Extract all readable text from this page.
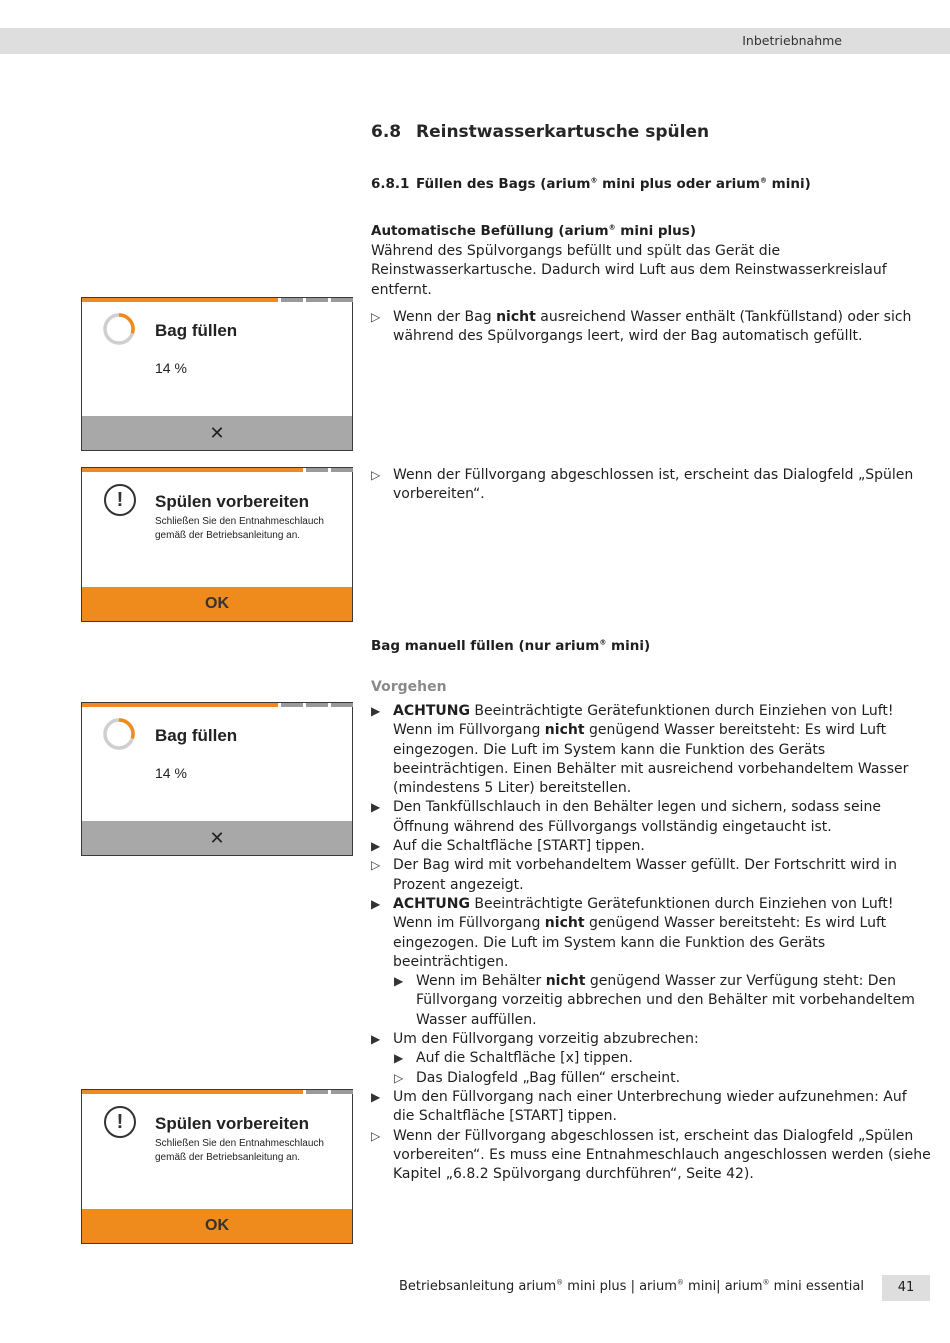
Inbetriebnahme
6.8 Reinstwasserkartusche spülen
6.8.1 Füllen des Bags (arium® mini plus oder arium® mini)
Automatische Befüllung (arium® mini plus)
Während des Spülvorgangs befüllt und spült das Gerät die Reinstwasserkartusche. Dadurch wird Luft aus dem Reinstwasserkreislauf entfernt.
▷ Wenn der Bag nicht ausreichend Wasser enthält (Tankfüllstand) oder sich während des Spülvorgangs leert, wird der Bag automatisch gefüllt.
▷ Wenn der Füllvorgang abgeschlossen ist, erscheint das Dialogfeld „Spülen vorbereiten“.
Bag manuell füllen (nur arium® mini)
Vorgehen
▶ ACHTUNG Beeinträchtigte Gerätefunktionen durch Einziehen von Luft! Wenn im Füllvorgang nicht genügend Wasser bereitsteht: Es wird Luft eingezogen. Die Luft im System kann die Funktion des Geräts beeinträchtigen. Einen Behälter mit ausreichend vorbehandeltem Wasser (mindestens 5 Liter) bereitstellen.
▶ Den Tankfüllschlauch in den Behälter legen und sichern, sodass seine Öffnung während des Füllvorgangs vollständig eingetaucht ist.
▶ Auf die Schaltfläche [START] tippen.
▷ Der Bag wird mit vorbehandeltem Wasser gefüllt. Der Fortschritt wird in Prozent angezeigt.
▶ ACHTUNG Beeinträchtigte Gerätefunktionen durch Einziehen von Luft! Wenn im Füllvorgang nicht genügend Wasser bereitsteht: Es wird Luft eingezogen. Die Luft im System kann die Funktion des Geräts beeinträchtigen.
▶ Wenn im Behälter nicht genügend Wasser zur Verfügung steht: Den Füllvorgang vorzeitig abbrechen und den Behälter mit vorbehandeltem Wasser auffüllen.
▶ Um den Füllvorgang vorzeitig abzubrechen:
▶ Auf die Schaltfläche [x] tippen.
▷ Das Dialogfeld „Bag füllen“ erscheint.
▶ Um den Füllvorgang nach einer Unterbrechung wieder aufzunehmen: Auf die Schaltfläche [START] tippen.
▷ Wenn der Füllvorgang abgeschlossen ist, erscheint das Dialogfeld „Spülen vorbereiten“. Es muss eine Entnahmeschlauch angeschlossen werden (siehe Kapitel „6.8.2 Spülvorgang durchführen“, Seite 42).
Bag füllen
14 %
✕
!	Spülen vorbereiten
Schließen Sie den Entnahmeschlauch gemäß der Betriebsanleitung an.
OK
Bag füllen
14 %
✕
!	Spülen vorbereiten
Schließen Sie den Entnahmeschlauch gemäß der Betriebsanleitung an.
OK
Betriebsanleitung arium® mini plus | arium® mini| arium® mini essential	41
